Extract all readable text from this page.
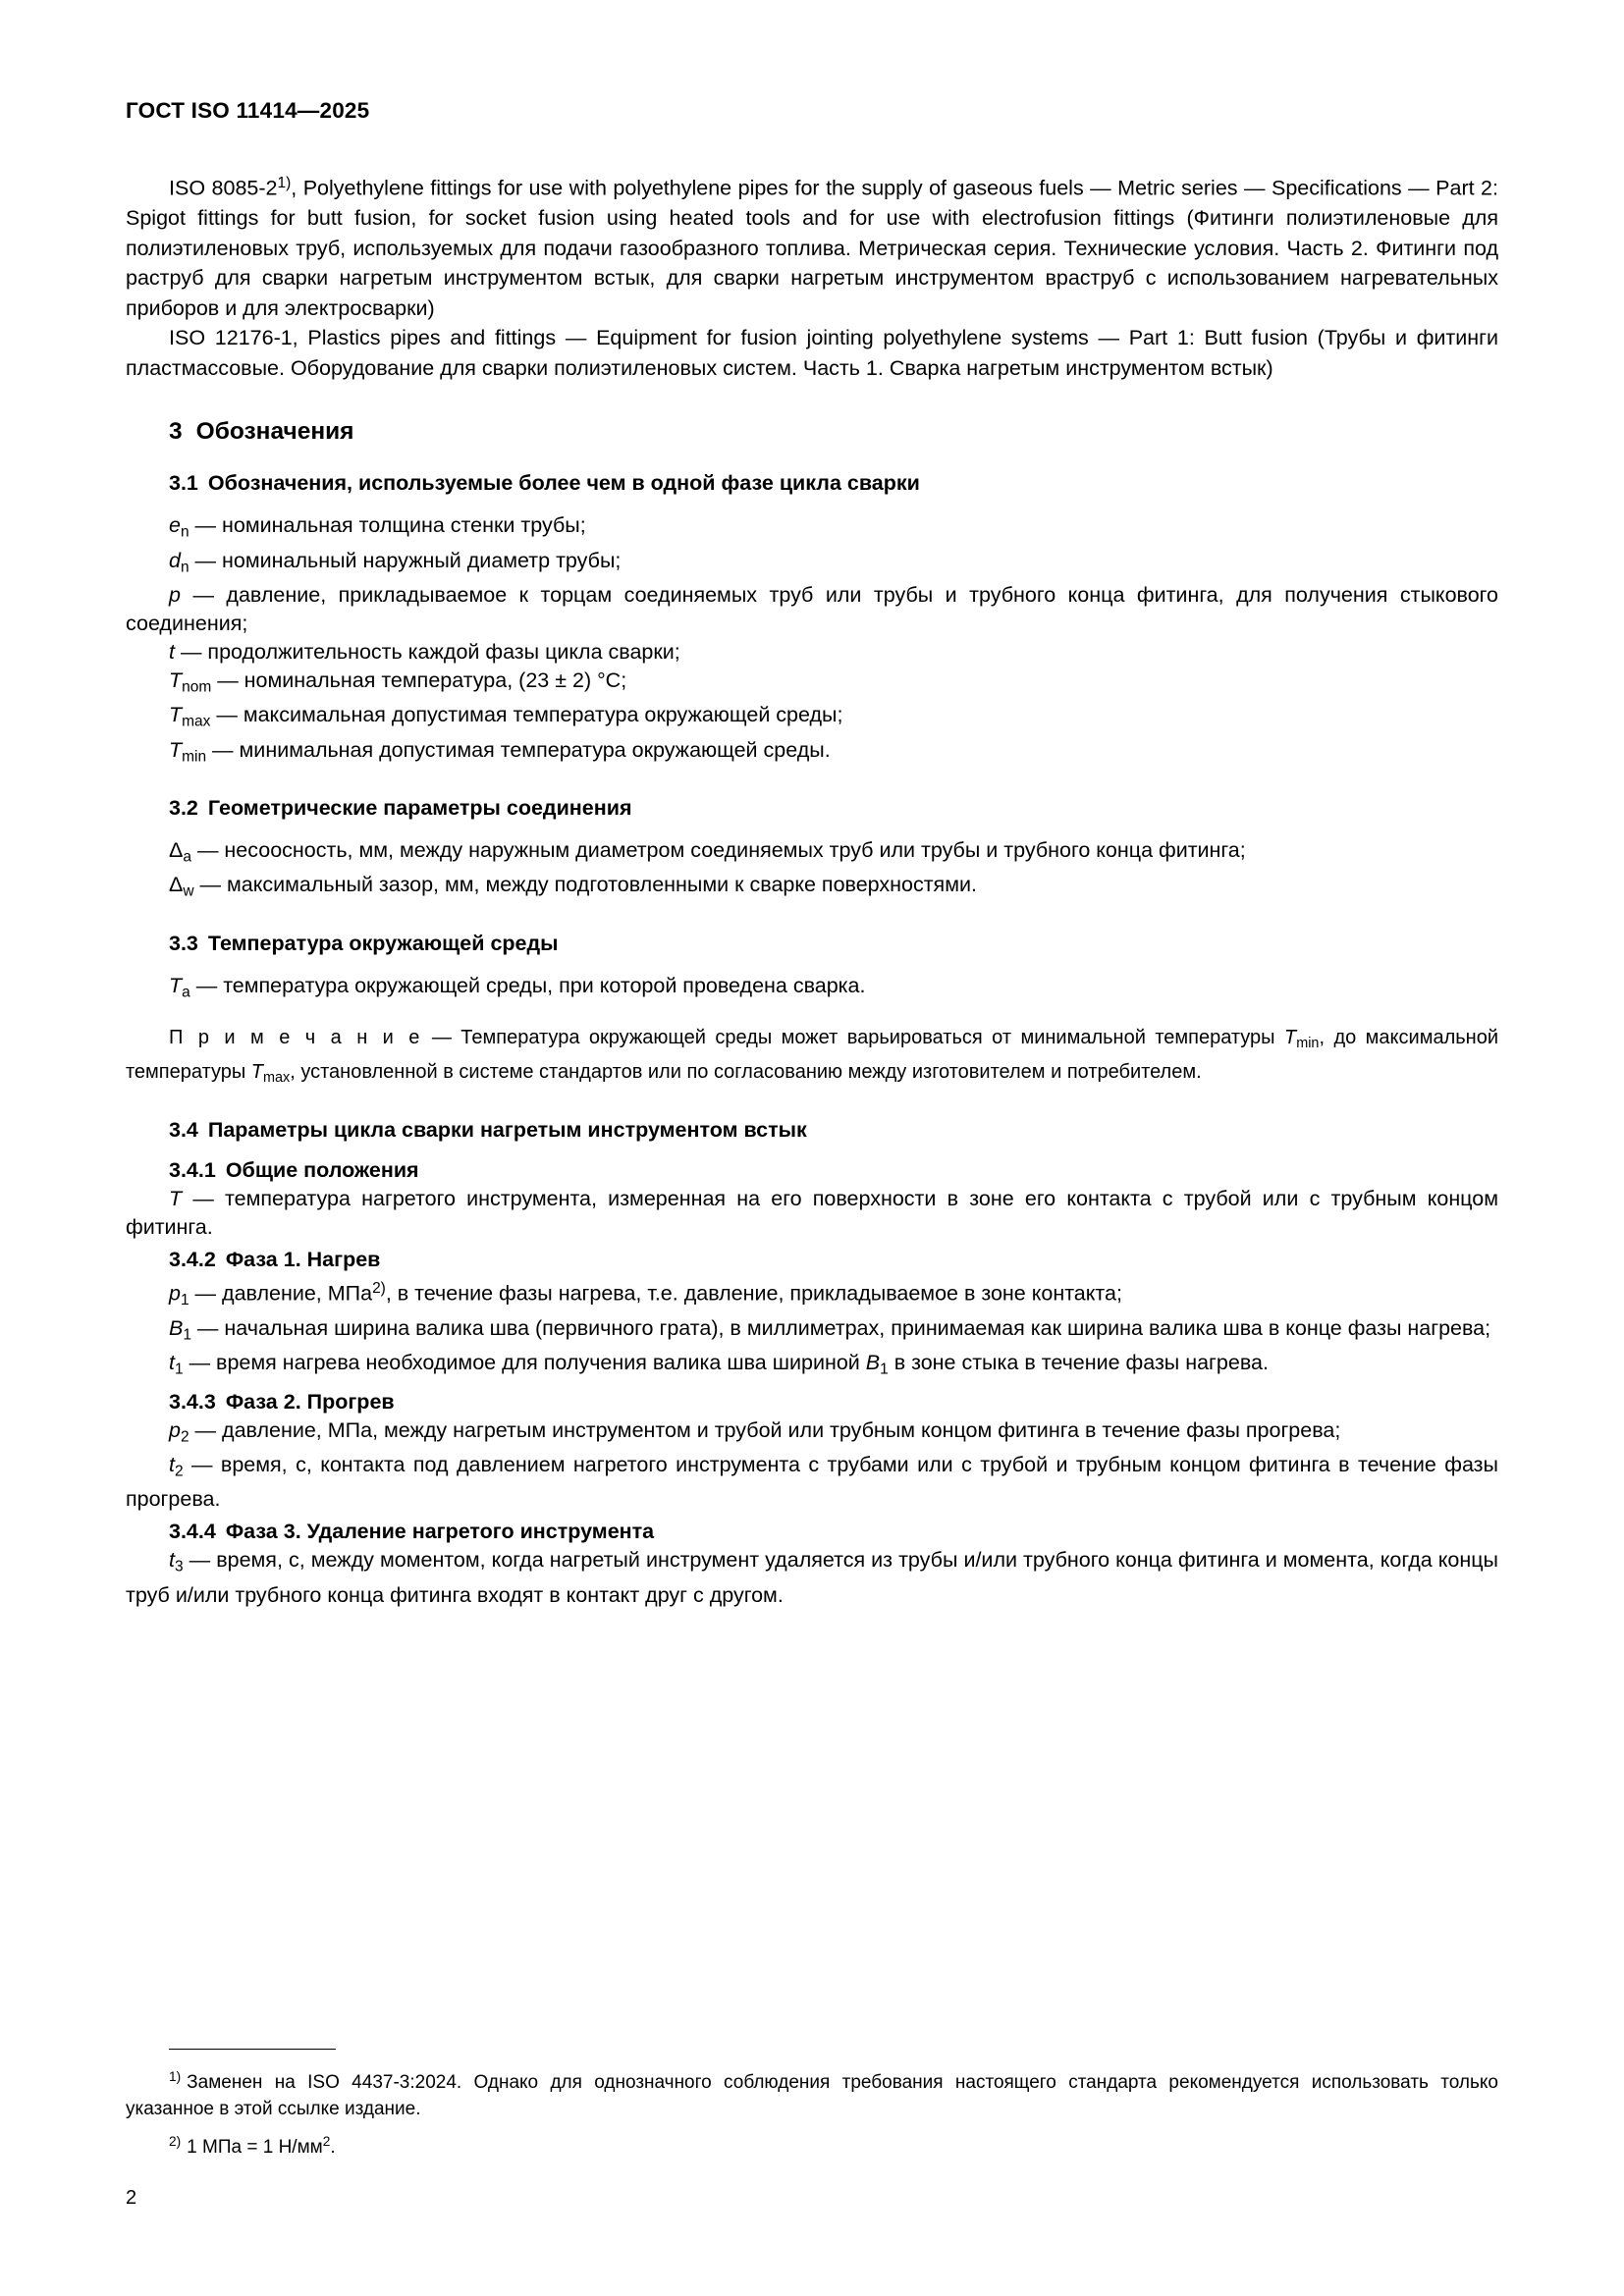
ГОСТ ISO 11414—2025

ISO 8085-2$^{1)}$, Polyethylene fittings for use with polyethylene pipes for the supply of gaseous fuels — Metric series — Specifications — Part 2: Spigot fittings for butt fusion, for socket fusion using heated tools and for use with electrofusion fittings (Фитинги полиэтиленовые для полиэтиленовых труб, используемых для подачи газообразного топлива. Метрическая серия. Технические условия. Часть 2. Фитинги под раструб для сварки нагретым инструментом встык, для сварки нагретым инструментом враструб с использованием нагревательных приборов и для электросварки)

ISO 12176-1, Plastics pipes and fittings — Equipment for fusion jointing polyethylene systems — Part 1: Butt fusion (Трубы и фитинги пластмассовые. Оборудование для сварки полиэтиленовых систем. Часть 1. Сварка нагретым инструментом встык)

3 Обозначения
3.1 Обозначения, используемые более чем в одной фазе цикла сварки

$e_n$ — номинальная толщина стенки трубы;

$d_n$ — номинальный наружный диаметр трубы;

p — давление, прикладываемое к торцам соединяемых труб или трубы и трубного конца фитинга, для получения стыкового соединения;

t — продолжительность каждой фазы цикла сварки;

$T_{nom}$ — номинальная температура, (23 ± 2) °C;

$T_{max}$ — максимальная допустимая температура окружающей среды;

$T_{min}$ — минимальная допустимая температура окружающей среды.

3.2 Геометрические параметры соединения

$\Delta_a$ — несоосность, мм, между наружным диаметром соединяемых труб или трубы и трубного конца фитинга;

$\Delta_w$ — максимальный зазор, мм, между подготовленными к сварке поверхностями.

3.3 Температура окружающей среды

$T_a$ — температура окружающей среды, при которой проведена сварка.

П р и м е ч а н и е — Температура окружающей среды может варьироваться от минимальной температуры $T_{min}$, до максимальной температуры $T_{max}$, установленной в системе стандартов или по согласованию между изготовителем и потребителем.

3.4 Параметры цикла сварки нагретым инструментом встык
3.4.1 Общие положения

T — температура нагретого инструмента, измеренная на его поверхности в зоне его контакта с трубой или с трубным концом фитинга.

3.4.2 Фаза 1. Нагрев

$p_1$ — давление, МПа$^{2)}$, в течение фазы нагрева, т.е. давление, прикладываемое в зоне контакта;

$B_1$ — начальная ширина валика шва (первичного грата), в миллиметрах, принимаемая как ширина валика шва в конце фазы нагрева;

$t_1$ — время нагрева необходимое для получения валика шва шириной $B_1$ в зоне стыка в течение фазы нагрева.

3.4.3 Фаза 2. Прогрев

$p_2$ — давление, МПа, между нагретым инструментом и трубой или трубным концом фитинга в течение фазы прогрева;

$t_2$ — время, с, контакта под давлением нагретого инструмента с трубами или с трубой и трубным концом фитинга в течение фазы прогрева.

3.4.4 Фаза 3. Удаление нагретого инструмента

$t_3$ — время, с, между моментом, когда нагретый инструмент удаляется из трубы и/или трубного конца фитинга и момента, когда концы труб и/или трубного конца фитинга входят в контакт друг с другом.

$^{1)}$ Заменен на ISO 4437-3:2024. Однако для однозначного соблюдения требования настоящего стандарта рекомендуется использовать только указанное в этой ссылке издание.

$^{2)}$ 1 МПа = 1 $Н/мм^2$.

2
